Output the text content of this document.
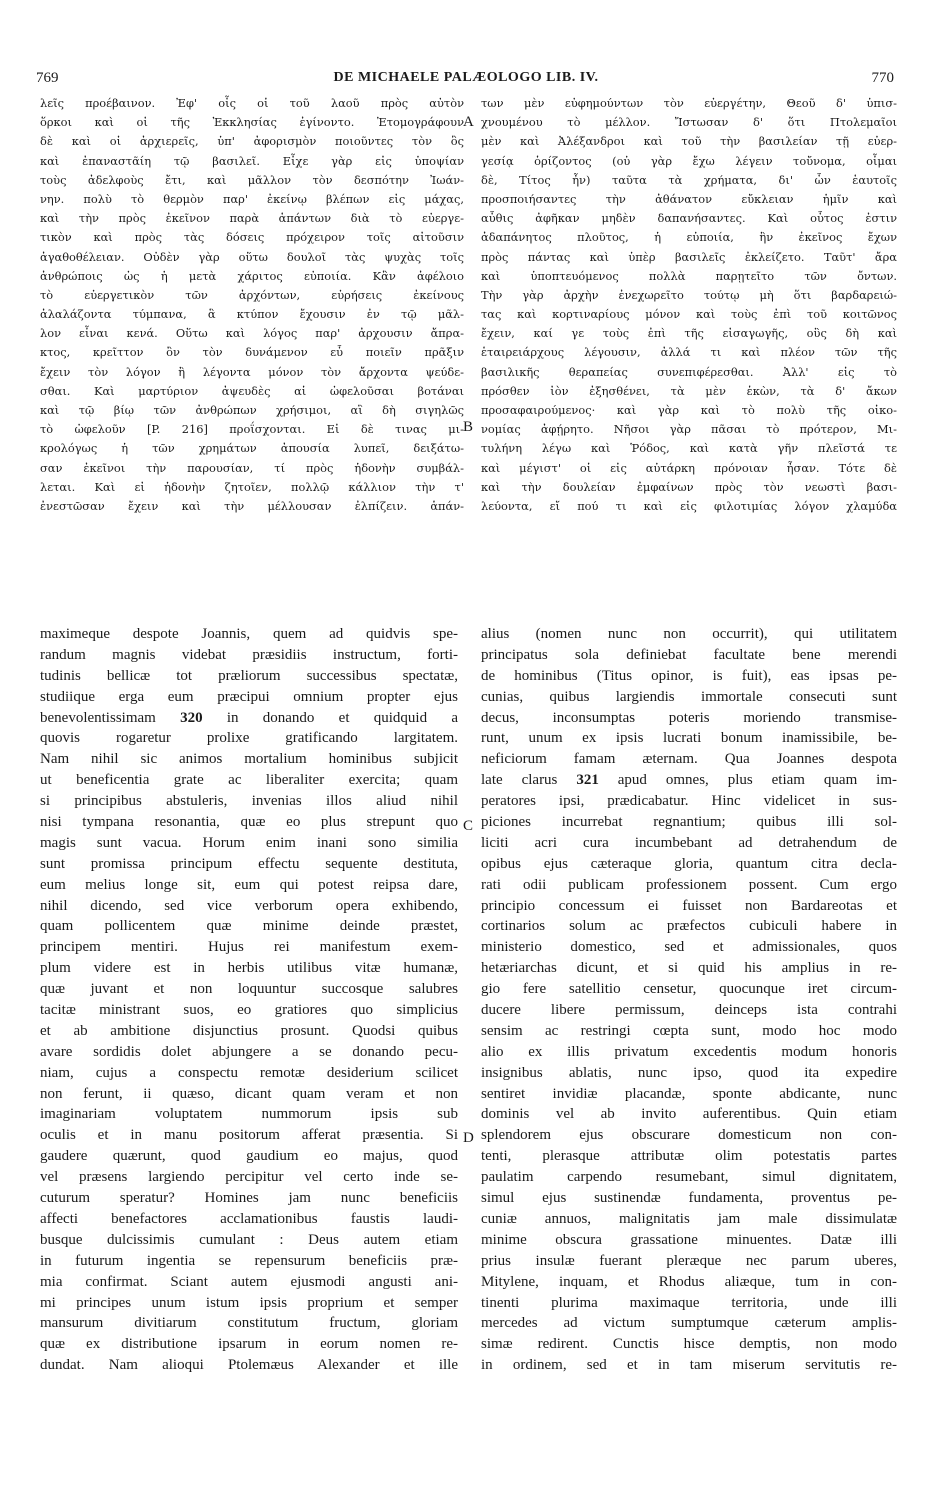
769	DE MICHAELE PALÆOLOGO LIB. IV.	770
λεῖς προέβαινον. Ἐφ' οἷς οἱ τοῦ λαοῦ πρὸς αὐτὸν
ὅρκοι καὶ οἱ τῆς Ἐκκλησίας ἐγίνοντο. Ἐτομογράφουν
δὲ καὶ οἱ ἀρχιερεῖς, ὑπ' ἀφορισμὸν ποιοῦντες τὸν ὃς
καὶ ἐπαναστᾶίη τῷ βασιλεῖ. Εἶχε γὰρ εἰς ὑποψίαν
τοὺς ἀδελφοὺς ἔτι, καὶ μᾶλλον τὸν δεσπότην Ἰωάν-
νην. πολὺ τὸ θερμὸν παρ' ἐκείνῳ βλέπων εἰς μάχας,
καὶ τὴν πρὸς ἐκεῖνον παρὰ ἁπάντων διὰ τὸ εὐεργε-
τικὸν καὶ πρὸς τὰς δόσεις πρόχειρον τοῖς αἰτοῦσιν
ἀγαθοθέλειαν. Οὐδὲν γὰρ οὕτω δουλοῖ τὰς ψυχὰς τοῖς
ἀνθρώποις ὡς ἡ μετὰ χάριτος εὐποιία. Κἂν ἀφέλοιο
τὸ εὐεργετικὸν τῶν ἀρχόντων, εὑρήσεις ἐκείνους
ἀλαλάζοντα τύμπανα, ἃ κτύπον ἔχουσιν ἐν τῷ μᾶλ-
λον εἶναι κενά. Οὕτω καὶ λόγος παρ' ἀρχουσιν ἄπρα-
κτος, κρεῖττον ὂν τὸν δυνάμενον εὖ ποιεῖν πρᾶξιν
ἔχειν τὸν λόγον ἢ λέγοντα μόνον τὸν ἄρχοντα ψεύδε-
σθαι. Καὶ μαρτύριον ἀψευδὲς αἱ ὠφελοῦσαι βοτάναι
καὶ τῷ βίῳ τῶν ἀνθρώπων χρήσιμοι, αἳ δὴ σιγηλῶς
τὸ ὠφελοῦν [P. 216] προΐσχονται. Εἰ δὲ τινας μι-
κρολόγως ἡ τῶν χρημάτων ἀπουσία λυπεῖ, δειξάτω-
σαν ἐκεῖνοι τὴν παρουσίαν, τί πρὸς ἡδονὴν συμβάλ-
λεται. Καὶ εἰ ἡδονὴν ζητοῖεν, πολλῷ κάλλιον τὴν τ'
ἐνεστῶσαν ἔχειν καὶ τὴν μέλλουσαν ἐλπίζειν. ἁπάν-
των μὲν εὐφημούντων τὸν εὐεργέτην, Θεοῦ δ' ὑπισ-
χνουμένου τὸ μέλλον. Ἴστωσαν δ' ὅτι Πτολεμαῖοι
μὲν καὶ Ἀλέξανδροι καὶ τοῦ τὴν βασιλείαν τῇ εὐερ-
γεσίᾳ ὁρίζοντος (οὐ γὰρ ἔχω λέγειν τοὔνομα, οἶμαι
δὲ, Τίτος ἦν) ταῦτα τὰ χρήματα, δι' ὧν ἑαυτοῖς
προσποιήσαντες τὴν ἀθάνατον εὔκλειαν ἡμῖν καὶ
αὖθις ἀφῆκαν μηδὲν δαπανήσαντες. Καὶ οὗτος ἐστιν
ἀδαπάνητος πλοῦτος, ἡ εὐποιία, ἣν ἐκεῖνος ἔχων
πρὸς πάντας καὶ ὑπὲρ βασιλεῖς ἐκλείζετο. Ταῦτ' ἄρα
καὶ ὑποπτευόμενος πολλὰ παρῃτεῖτο τῶν ὄντων.
Τὴν γὰρ ἀρχὴν ἐνεχωρεῖτο τούτῳ μὴ ὅτι βαρδαρειώ-
τας καὶ κορτιναρίους μόνον καὶ τοὺς ἐπὶ τοῦ κοιτῶνος
ἔχειν, καί γε τοὺς ἐπὶ τῆς εἰσαγωγῆς, οὓς δὴ καὶ
ἑταιρειάρχους λέγουσιν, ἀλλά τι καὶ πλέον τῶν τῆς
βασιλικῆς θεραπείας συνεπιφέρεσθαι. Ἀλλ' εἰς τὸ
πρόσθεν ἰὸν ἐξησθένει, τὰ μὲν ἑκὼν, τὰ δ' ἄκων
προσαφαιρούμενος· καὶ γὰρ καὶ τὸ πολὺ τῆς οἰκο-
νομίας ἀφῄρητο. Νῆσοι γὰρ πᾶσαι τὸ πρότερον, Μι-
τυλήνη λέγω καὶ Ῥόδος, καὶ κατὰ γῆν πλεῖστά τε
καὶ μέγιστ' οἱ εἰς αὐτάρκη πρόνοιαν ἦσαν. Τότε δὲ
καὶ τὴν δουλείαν ἐμφαίνων πρὸς τὸν νεωστὶ βασι-
λεύοντα, εἴ πού τι καὶ εἰς φιλοτιμίας λόγον χλαμύδα
A
B
C
D
maximeque despote Joannis, quem ad quidvis spe-
randum magnis videbat præsidiis instructum, forti-
tudinis bellicæ tot præliorum successibus spectatæ,
studiique erga eum præcipui omnium propter ejus
benevolentissimam 320 in donando et quidquid a
quovis rogaretur prolixe gratificando largitatem.
Nam nihil sic animos mortalium hominibus subjicit
ut beneficentia grate ac liberaliter exercita; quam
si principibus abstuleris, invenias illos aliud nihil
nisi tympana resonantia, quæ eo plus strepunt quo
magis sunt vacua. Horum enim inani sono similia
sunt promissa principum effectu sequente destituta,
eum melius longe sit, eum qui potest reipsa dare,
nihil dicendo, sed vice verborum opera exhibendo,
quam pollicentem quæ minime deinde præstet,
principem mentiri. Hujus rei manifestum exem-
plum videre est in herbis utilibus vitæ humanæ,
quæ juvant et non loquuntur succosque salubres
tacitæ ministrant suos, eo gratiores quo simplicius
et ab ambitione disjunctius prosunt. Quodsi quibus
avare sordidis dolet abjungere a se donando pecu-
niam, cujus a conspectu remotæ desiderium scilicet
non ferunt, ii quæso, dicant quam veram et non
imaginariam voluptatem nummorum ipsis sub
oculis et in manu positorum afferat præsentia. Si
gaudere quærunt, quod gaudium eo majus, quod
vel præsens largiendo percipitur vel certo inde se-
cuturum speratur? Homines jam nunc beneficiis
affecti benefactores acclamationibus faustis laudi-
busque dulcissimis cumulant : Deus autem etiam
in futurum ingentia se repensurum beneficiis præ-
mia confirmat. Sciant autem ejusmodi angusti ani-
mi principes unum istum ipsis proprium et semper
mansurum divitiarum constitutum fructum, gloriam
quæ ex distributione ipsarum in eorum nomen re-
dundat. Nam alioqui Ptolemæus Alexander et ille
alius (nomen nunc non occurrit), qui utilitatem
principatus sola definiebat facultate bene merendi
de hominibus (Titus opinor, is fuit), eas ipsas pe-
cunias, quibus largiendis immortale consecuti sunt
decus, inconsumptas poteris moriendo transmise-
runt, unum ex ipsis lucrati bonum inamissibile, be-
neficiorum famam æternam. Qua Joannes despota
late clarus 321 apud omnes, plus etiam quam im-
peratores ipsi, prædicabatur. Hinc videlicet in sus-
piciones incurrebat regnantium; quibus illi sol-
liciti acri cura incumbebant ad detrahendum de
opibus ejus cæteraque gloria, quantum citra decla-
rati odii publicam professionem possent. Cum ergo
principio concessum ei fuisset non Bardareotas et
cortinarios solum ac præfectos cubiculi habere in
ministerio domestico, sed et admissionales, quos
hetæriarchas dicunt, et si quid his amplius in re-
gio fere satellitio censetur, quocunque iret circum-
ducere libere permissum, deinceps ista contrahi
sensim ac restringi cœpta sunt, modo hoc modo
alio ex illis privatum excedentis modum honoris
insignibus ablatis, nunc ipso, quod ita expedire
sentiret invidiæ placandæ, sponte abdicante, nunc
dominis vel ab invito auferentibus. Quin etiam
splendorem ejus obscurare domesticum non con-
tenti, plerasque attributæ olim potestatis partes
paulatim carpendo resumebant, simul dignitatem,
simul ejus sustinendæ fundamenta, proventus pe-
cuniæ annuos, malignitatis jam male dissimulatæ
minime obscura grassatione minuentes. Datæ illi
prius insulæ fuerant pleræque nec parum uberes,
Mitylene, inquam, et Rhodus aliæque, tum in con-
tinenti plurima maximaque territoria, unde illi
mercedes ad victum sumptumque cæterum amplis-
simæ redirent. Cunctis hisce demptis, non modo
in ordinem, sed et in tam miserum servitutis re-
